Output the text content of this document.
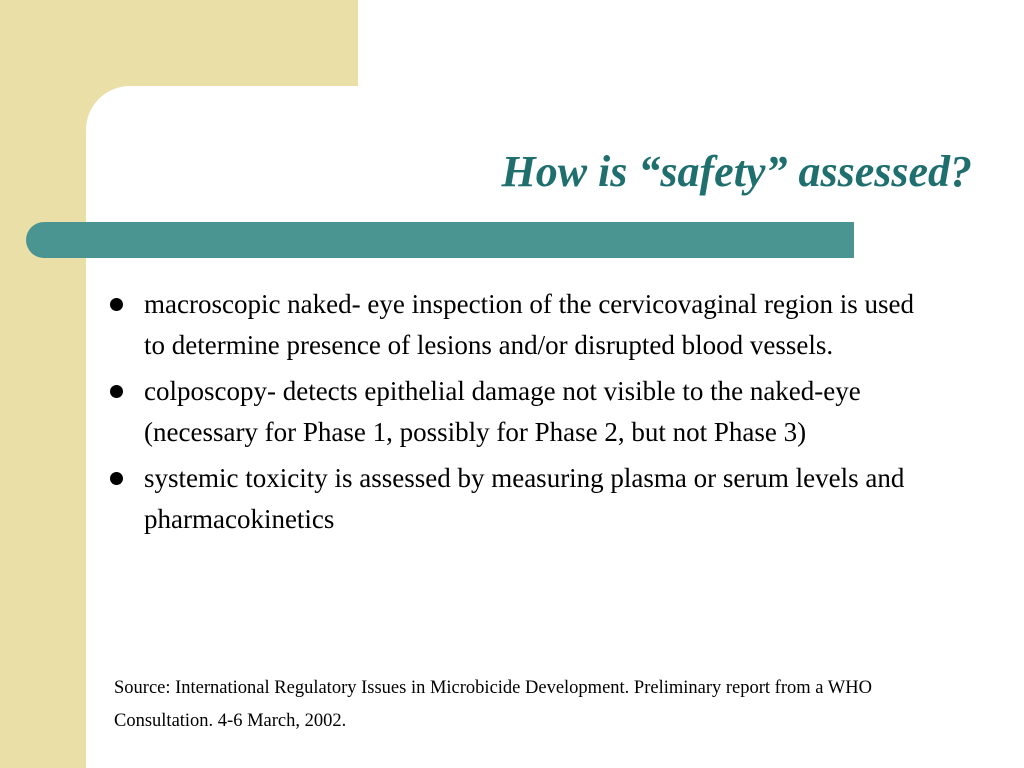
How is “safety” assessed?
macroscopic naked- eye inspection of the cervicovaginal region is used to determine presence of lesions and/or disrupted blood vessels.
colposcopy- detects epithelial damage not visible to the naked-eye (necessary for Phase 1, possibly for Phase 2, but not Phase 3)
systemic toxicity is assessed by measuring plasma or serum levels and pharmacokinetics

Source: International Regulatory Issues in Microbicide Development. Preliminary report from a WHO Consultation. 4-6 March, 2002.
